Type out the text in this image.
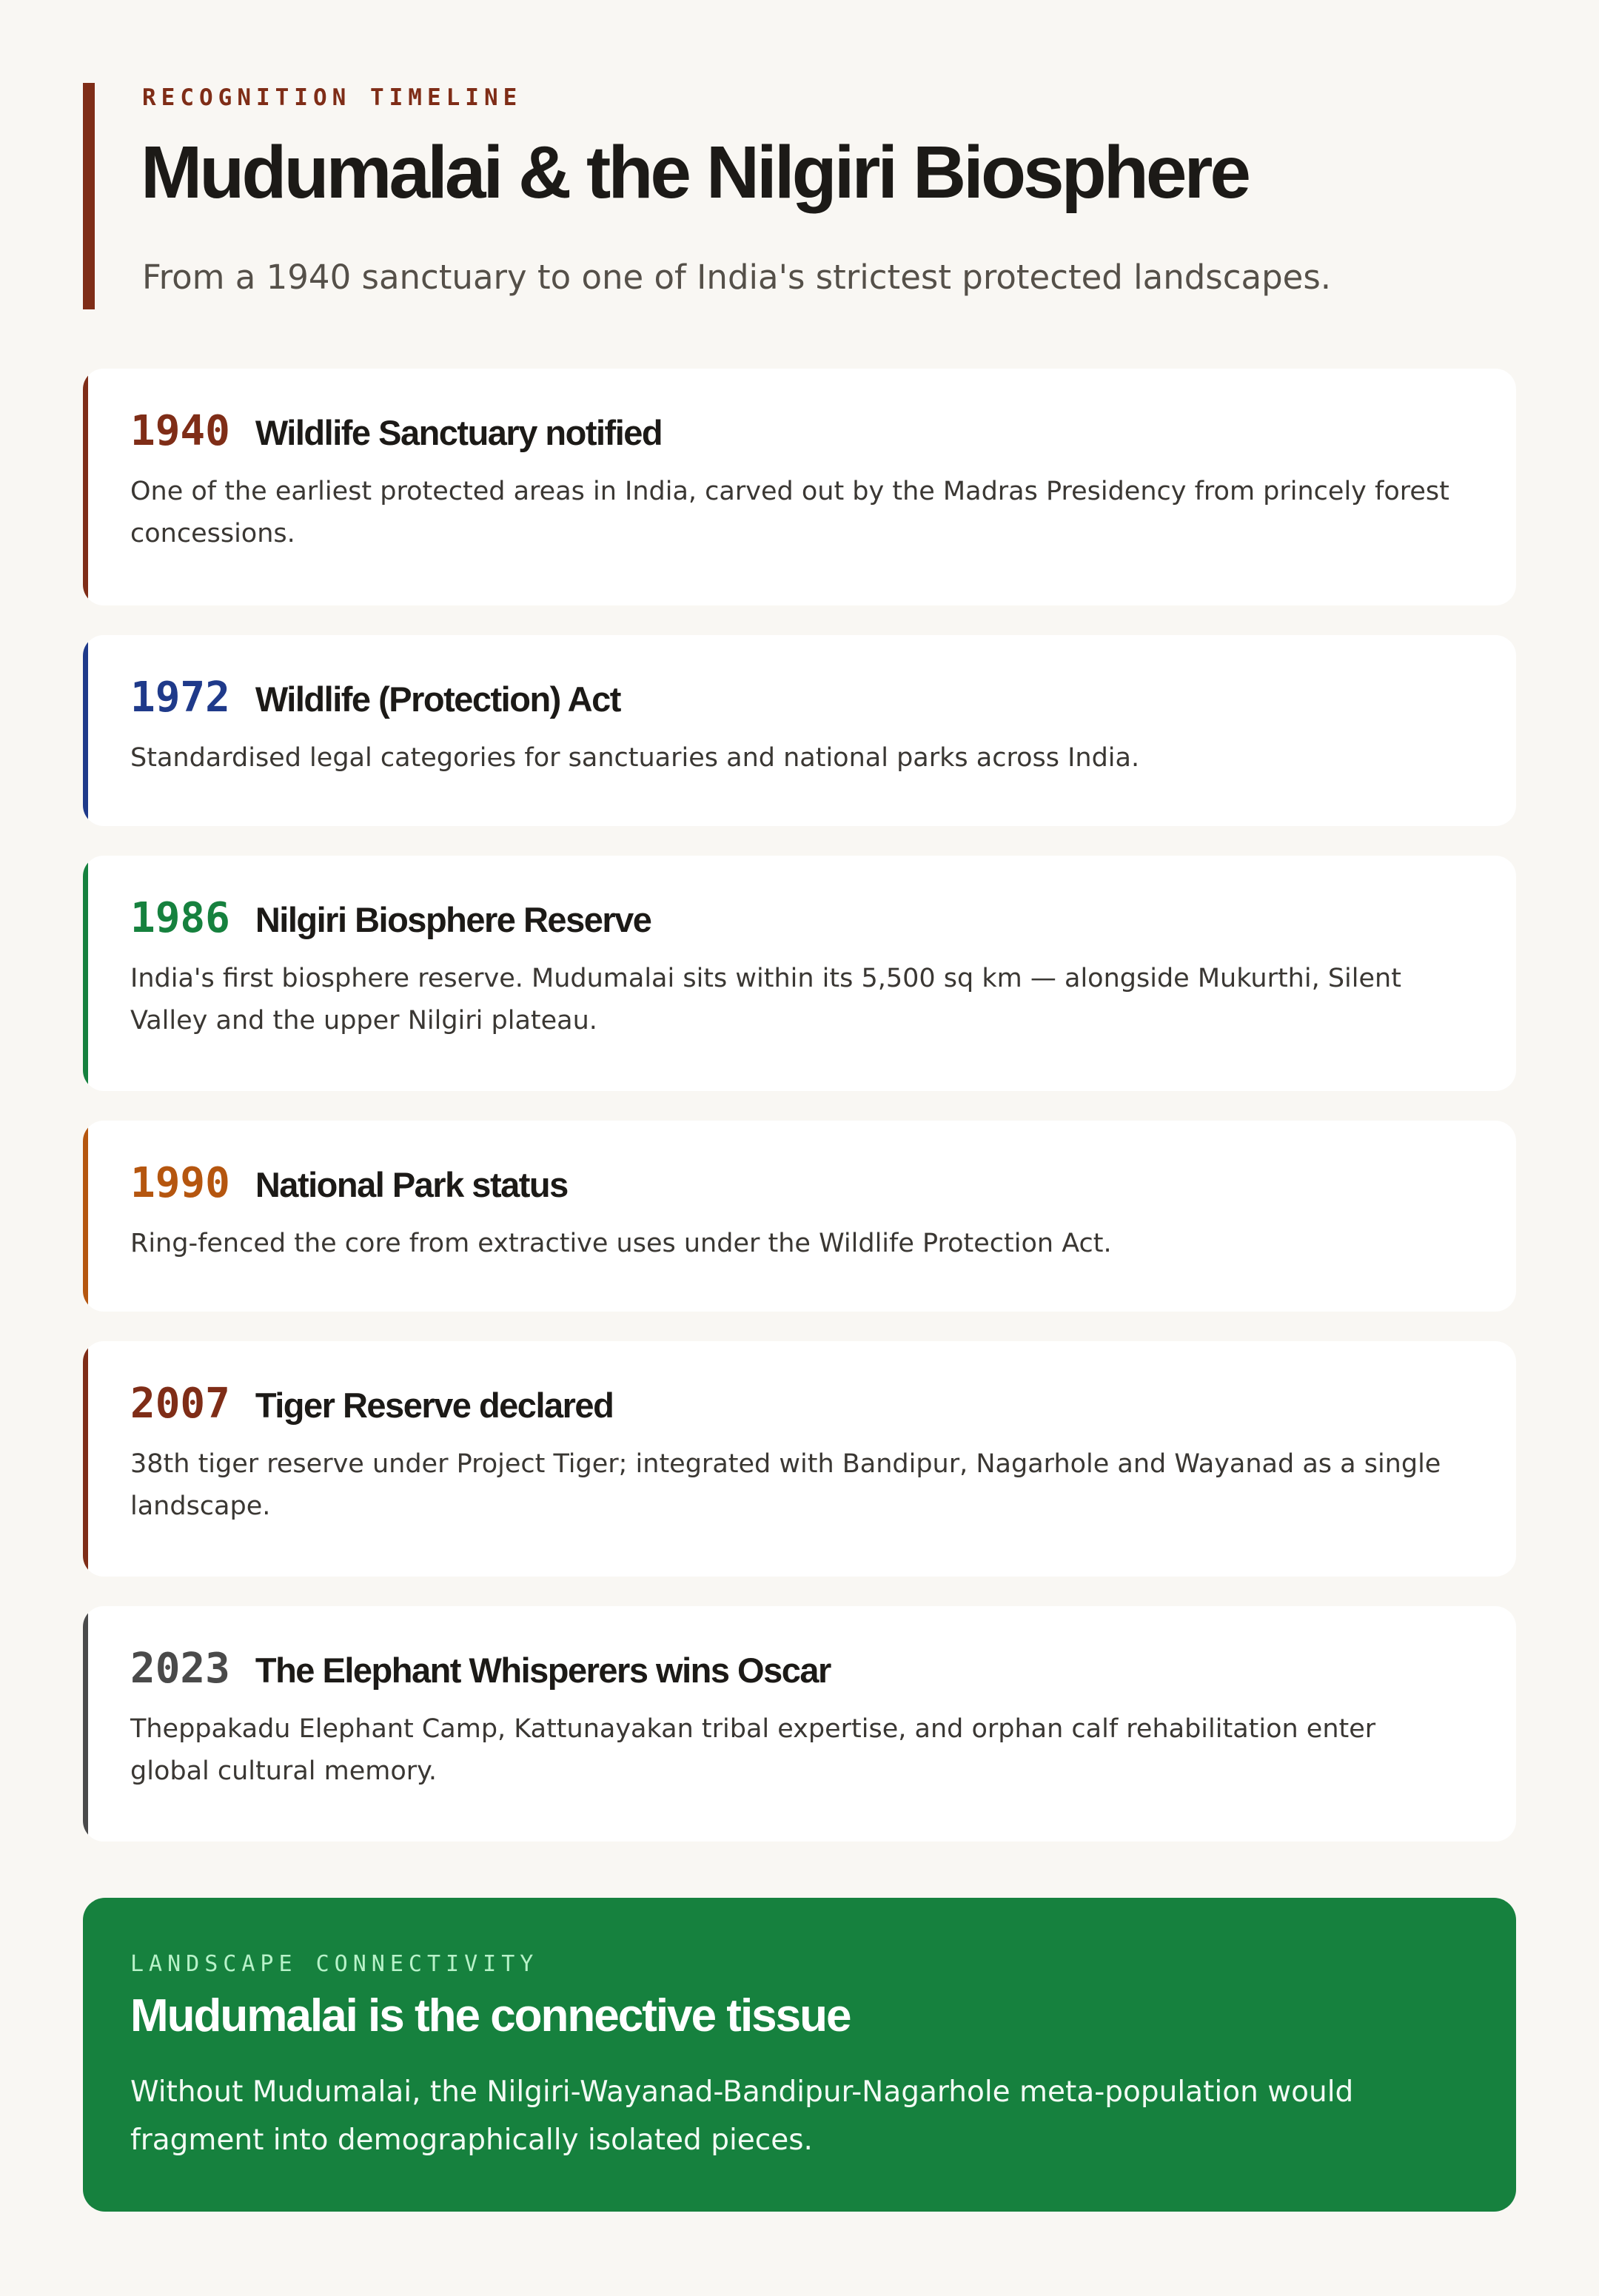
RECOGNITION TIMELINE
Mudumalai & the Nilgiri Biosphere

From a 1940 sanctuary to one of India's strictest protected landscapes.

1940 Wildlife Sanctuary notified
One of the earliest protected areas in India, carved out by the Madras Presidency from princely forest concessions.
1972 Wildlife (Protection) Act
Standardised legal categories for sanctuaries and national parks across India.
1986 Nilgiri Biosphere Reserve
India's first biosphere reserve. Mudumalai sits within its 5,500 sq km — alongside Mukurthi, Silent Valley and the upper Nilgiri plateau.
1990 National Park status
Ring-fenced the core from extractive uses under the Wildlife Protection Act.
2007 Tiger Reserve declared
38th tiger reserve under Project Tiger; integrated with Bandipur, Nagarhole and Wayanad as a single landscape.
2023 The Elephant Whisperers wins Oscar
Theppakadu Elephant Camp, Kattunayakan tribal expertise, and orphan calf rehabilitation enter global cultural memory.
LANDSCAPE CONNECTIVITY
Mudumalai is the connective tissue

Without Mudumalai, the Nilgiri-Wayanad-Bandipur-Nagarhole meta-population would fragment into demographically isolated pieces.
